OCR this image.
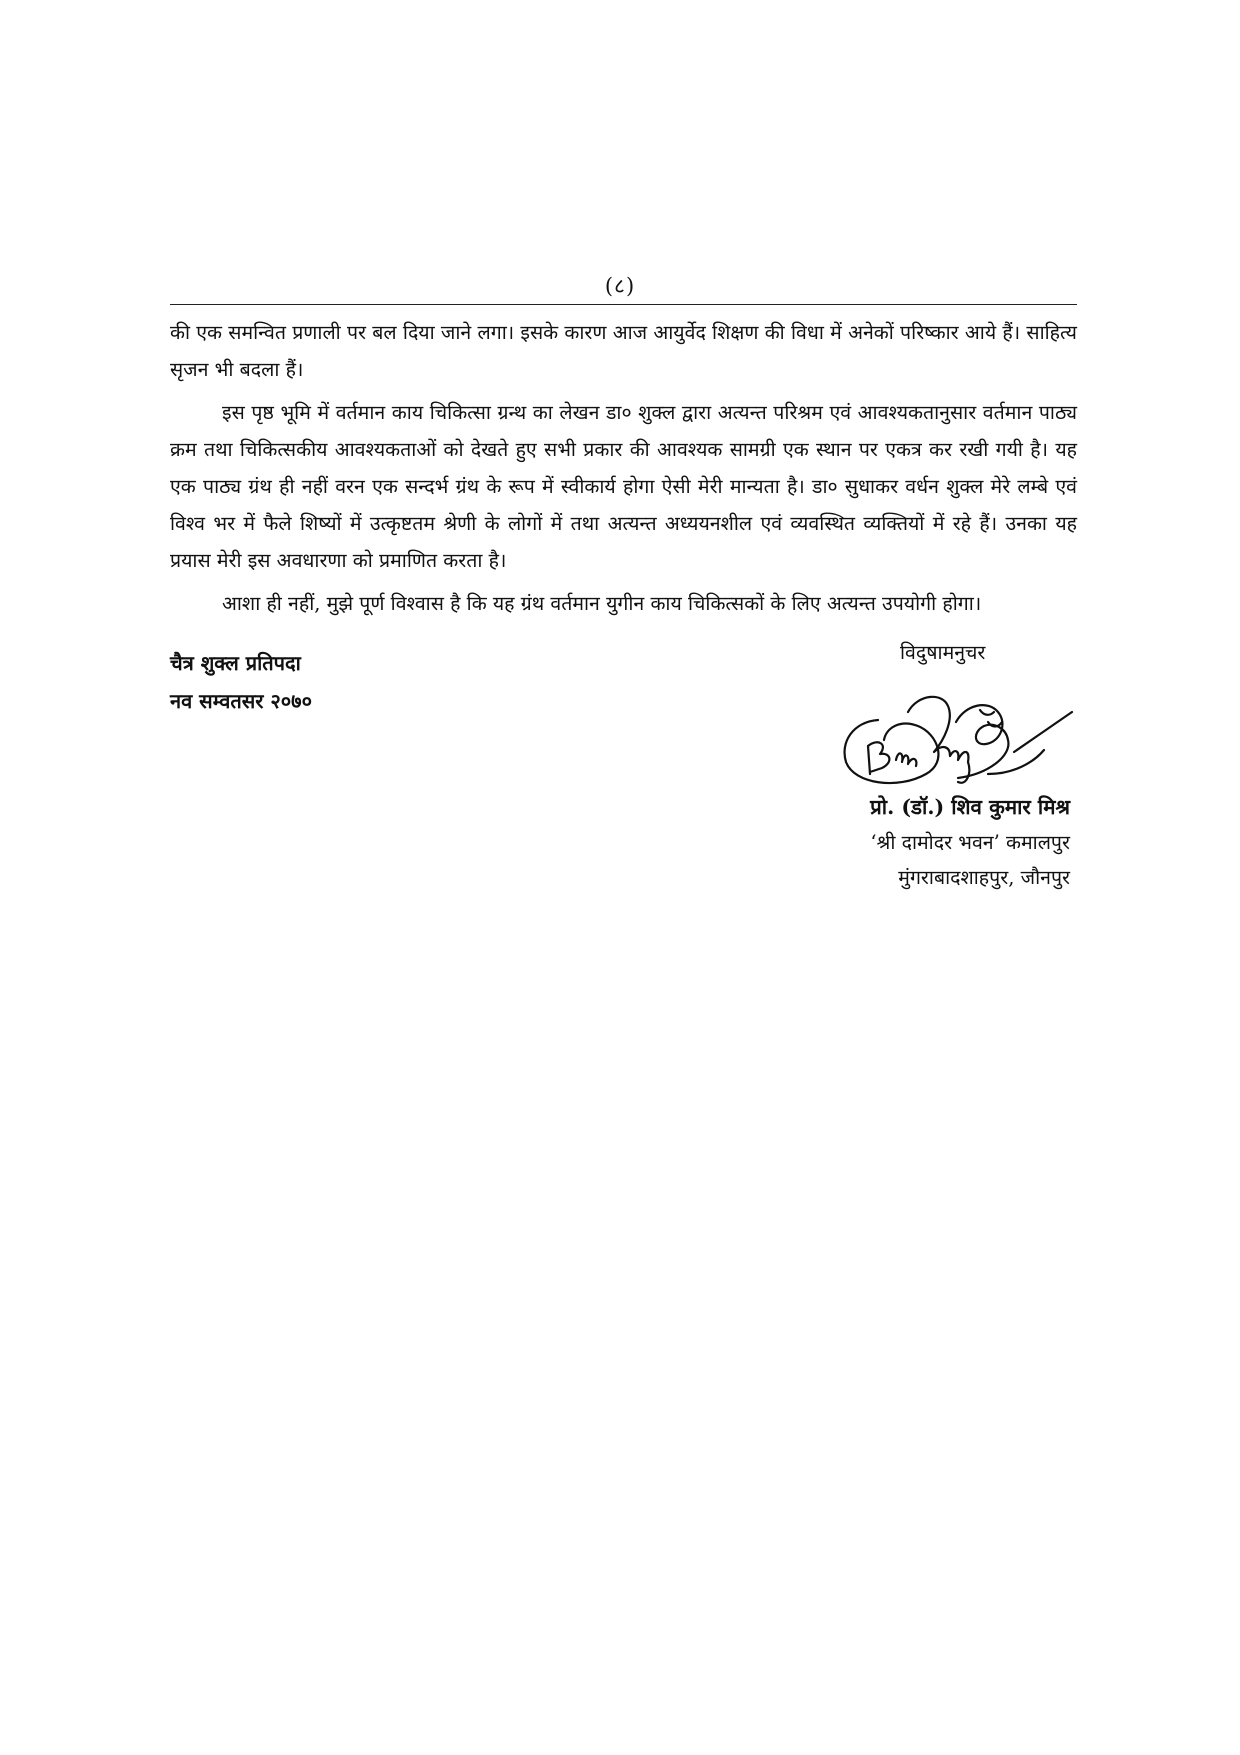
(८)

की एक समन्वित प्रणाली पर बल दिया जाने लगा। इसके कारण आज आयुर्वेद शिक्षण की विधा में अनेकों परिष्कार आये हैं। साहित्य सृजन भी बदला हैं।

इस पृष्ठ भूमि में वर्तमान काय चिकित्सा ग्रन्थ का लेखन डा० शुक्ल द्वारा अत्यन्त परिश्रम एवं आवश्यकतानुसार वर्तमान पाठ्य क्रम तथा चिकित्सकीय आवश्यकताओं को देखते हुए सभी प्रकार की आवश्यक सामग्री एक स्थान पर एकत्र कर रखी गयी है। यह एक पाठ्य ग्रंथ ही नहीं वरन एक सन्दर्भ ग्रंथ के रूप में स्वीकार्य होगा ऐसी मेरी मान्यता है। डा० सुधाकर वर्धन शुक्ल मेरे लम्बे एवं विश्व भर में फैले शिष्यों में उत्कृष्टतम श्रेणी के लोगों में तथा अत्यन्त अध्ययनशील एवं व्यवस्थित व्यक्तियों में रहे हैं। उनका यह प्रयास मेरी इस अवधारणा को प्रमाणित करता है।

आशा ही नहीं, मुझे पूर्ण विश्वास है कि यह ग्रंथ वर्तमान युगीन काय चिकित्सकों के लिए अत्यन्त उपयोगी होगा।

चैत्र शुक्ल प्रतिपदा
नव सम्वतसर २०७०
विदुषामनुचर
प्रो. (डॉ.) शिव कुमार मिश्र
‘श्री दामोदर भवन’ कमालपुर
मुंगराबादशाहपुर, जौनपुर
